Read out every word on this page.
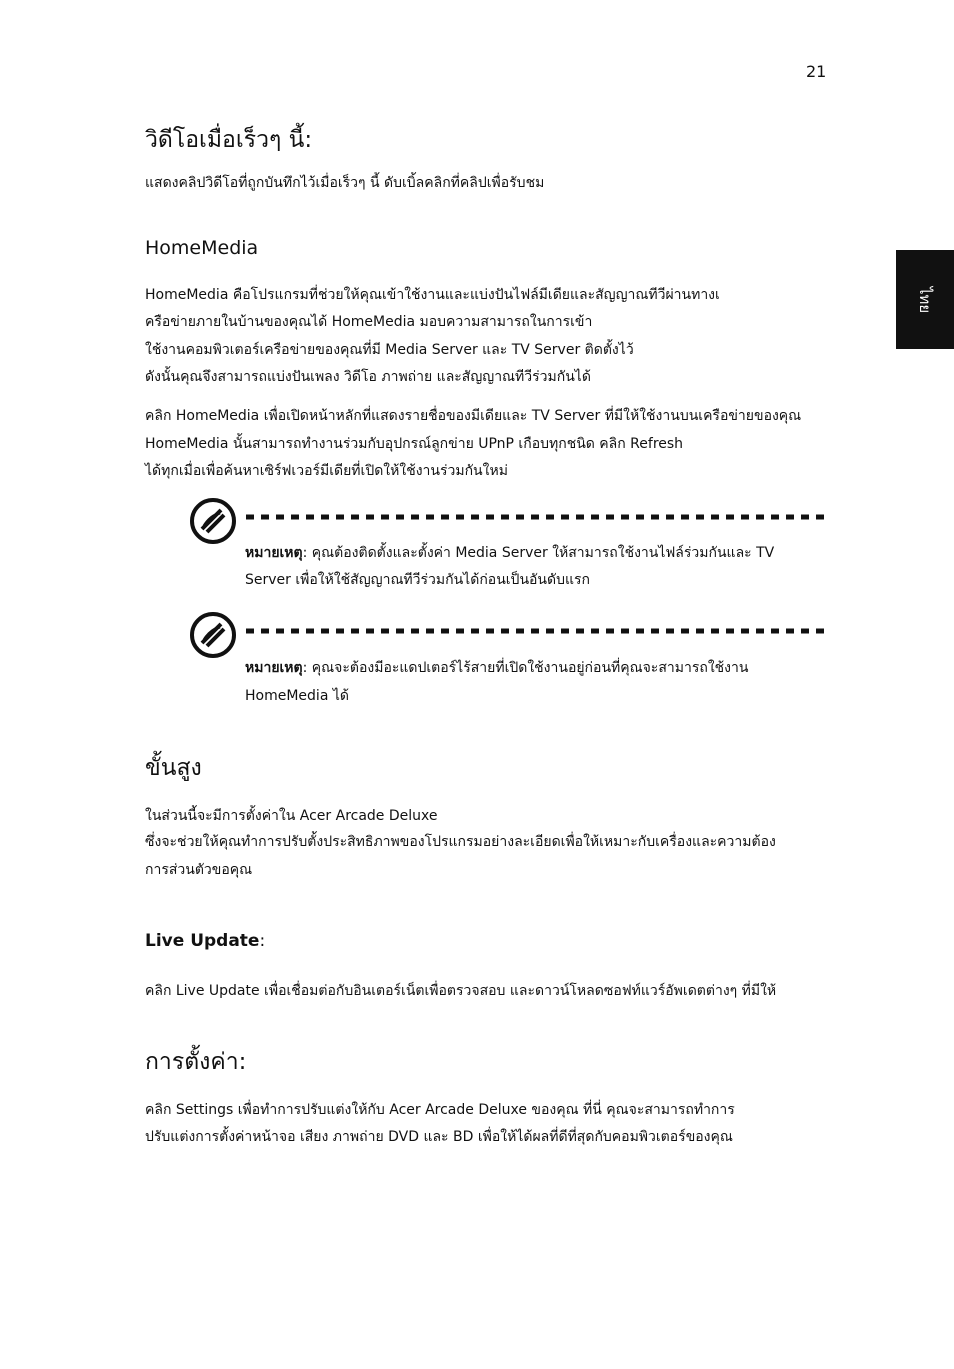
21
ไทย
วิดีโอเมื่อเร็วๆ นี้:
แสดงคลิปวิดีโอที่ถูกบันทึกไว้เมื่อเร็วๆ นี้ ดับเบิ้ลคลิกที่คลิปเพื่อรับชม
HomeMedia
HomeMedia คือโปรแกรมที่ช่วยให้คุณเข้าใช้งานและแบ่งปันไฟล์มีเดียและสัญญาณทีวีผ่านทางเ
ครือข่ายภายในบ้านของคุณได้ HomeMedia มอบความสามารถในการเข้า
ใช้งานคอมพิวเตอร์เครือข่ายของคุณที่มี Media Server และ TV Server ติดตั้งไว้
ดังนั้นคุณจึงสามารถแบ่งปันเพลง วิดีโอ ภาพถ่าย และสัญญาณทีวีร่วมกันได้
คลิก HomeMedia เพื่อเปิดหน้าหลักที่แสดงรายชื่อของมีเดียและ TV Server ที่มีให้ใช้งานบนเครือข่ายของคุณ
HomeMedia นั้นสามารถทำงานร่วมกับอุปกรณ์ลูกข่าย UPnP เกือบทุกชนิด คลิก Refresh
ได้ทุกเมื่อเพื่อค้นหาเซิร์ฟเวอร์มีเดียที่เปิดให้ใช้งานร่วมกันใหม่
หมายเหตุ: คุณต้องติดตั้งและตั้งค่า Media Server ให้สามารถใช้งานไฟล์ร่วมกันและ TV
Server เพื่อให้ใช้สัญญาณทีวีร่วมกันได้ก่อนเป็นอันดับแรก
หมายเหตุ: คุณจะต้องมีอะแดปเตอร์ไร้สายที่เปิดใช้งานอยู่ก่อนที่คุณจะสามารถใช้งาน
HomeMedia ได้
ขั้นสูง
ในส่วนนี้จะมีการตั้งค่าใน Acer Arcade Deluxe
ซึ่งจะช่วยให้คุณทำการปรับตั้งประสิทธิภาพของโปรแกรมอย่างละเอียดเพื่อให้เหมาะกับเครื่องและความต้อง
การส่วนตัวขอคุณ
Live Update:
คลิก Live Update เพื่อเชื่อมต่อกับอินเตอร์เน็ตเพื่อตรวจสอบ และดาวน์โหลดซอฟท์แวร์อัพเดตต่างๆ ที่มีให้
การตั้งค่า:
คลิก Settings เพื่อทำการปรับแต่งให้กับ Acer Arcade Deluxe ของคุณ ที่นี่ คุณจะสามารถทำการ
ปรับแต่งการตั้งค่าหน้าจอ เสียง ภาพถ่าย DVD และ BD เพื่อให้ได้ผลที่ดีที่สุดกับคอมพิวเตอร์ของคุณ
